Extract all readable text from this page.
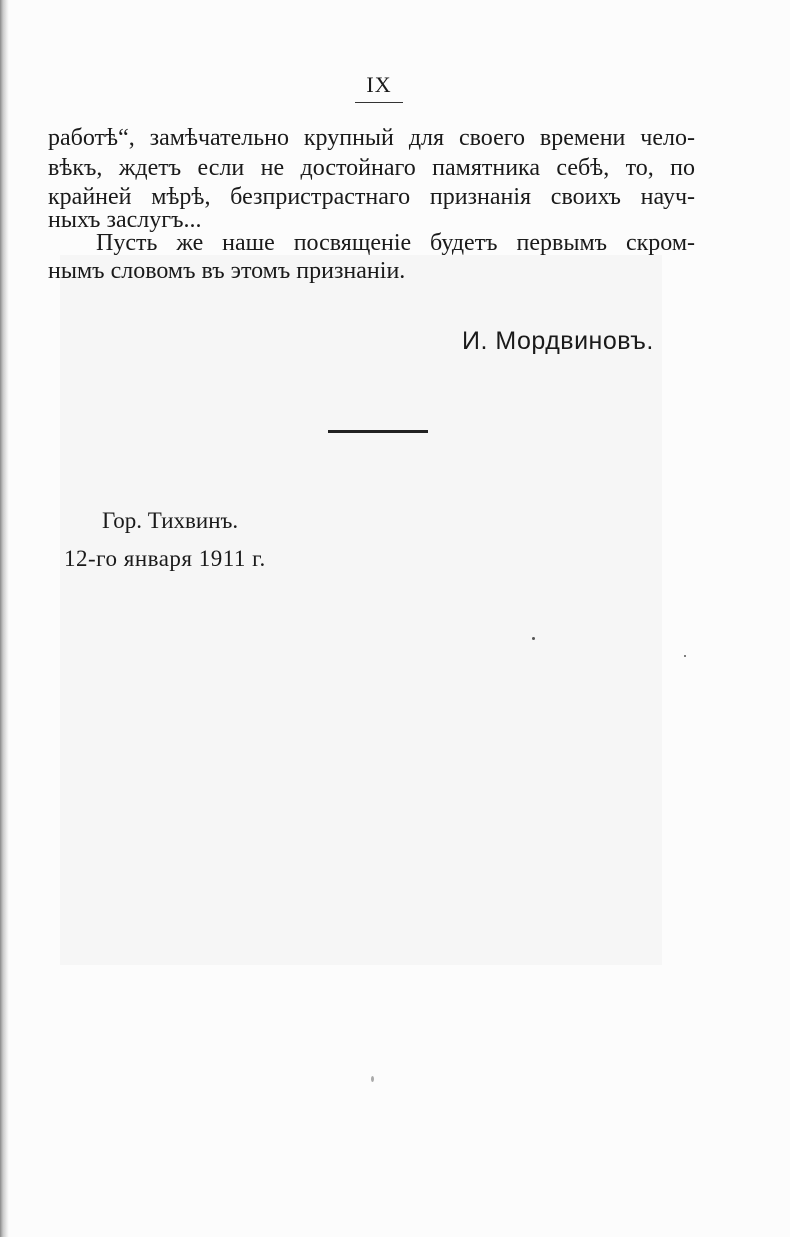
IX
работѣ“, замѣчательно крупный для своего времени чело-
вѣкъ, ждетъ если не достойнаго памятника себѣ, то, по
крайней мѣрѣ, безпристрастнаго признанія своихъ науч-
ныхъ заслугъ...
Пусть же наше посвященіе будетъ первымъ скром-
нымъ словомъ въ этомъ признаніи.
И. Мордвиновъ.
Гор. Тихвинъ.
12-го января 1911 г.
